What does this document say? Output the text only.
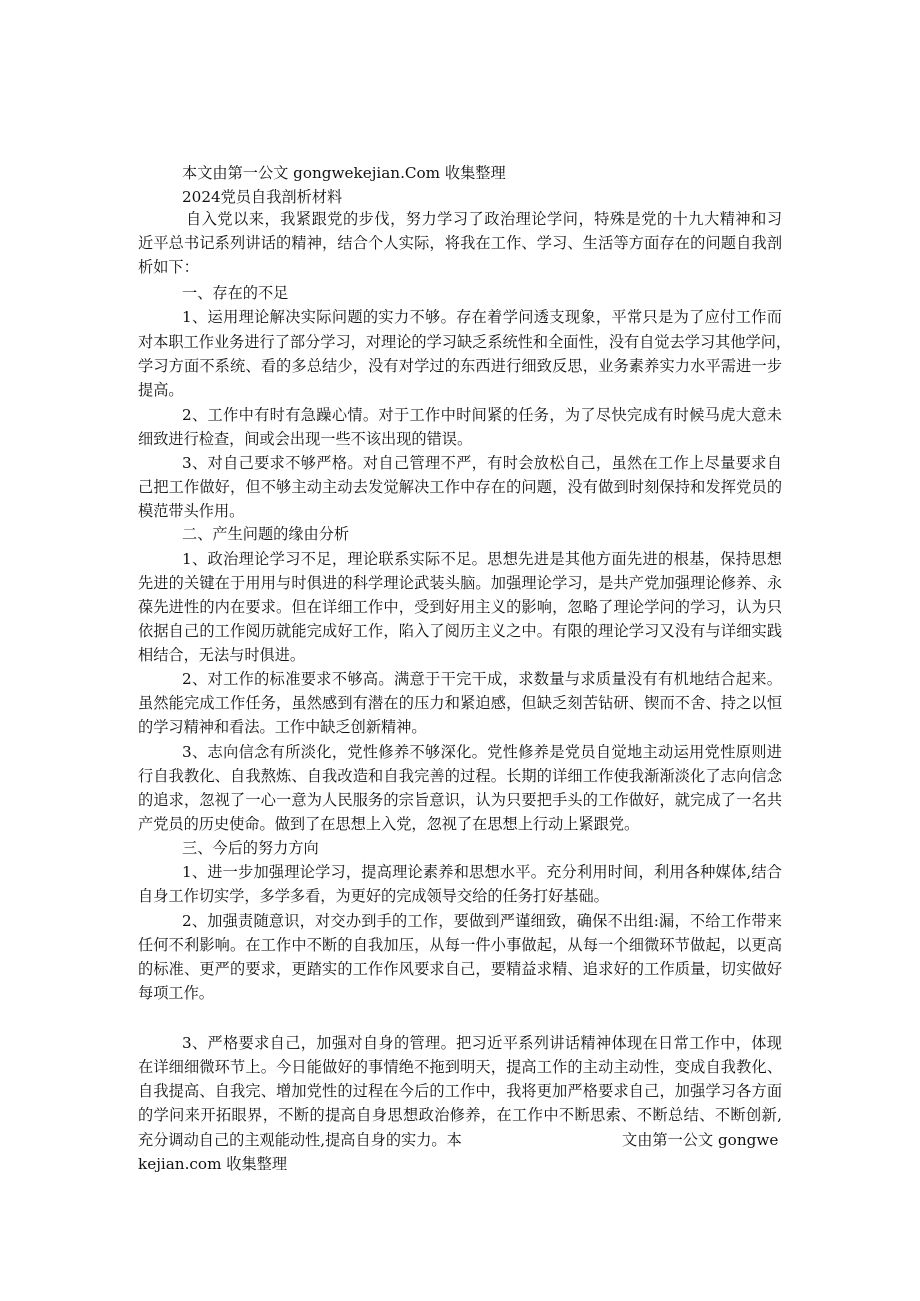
本文由第一公文 gongwekejian.Com 收集整理
2024党员自我剖析材料
自入党以来，我紧跟党的步伐，努力学习了政治理论学问，特殊是党的十九大精神和习
近平总书记系列讲话的精神，结合个人实际，将我在工作、学习、生活等方面存在的问题自我剖
析如下：
一、存在的不足
1、运用理论解决实际问题的实力不够。存在着学问透支现象，平常只是为了应付工作而
对本职工作业务进行了部分学习，对理论的学习缺乏系统性和全面性，没有自觉去学习其他学问，
学习方面不系统、看的多总结少，没有对学过的东西进行细致反思，业务素养实力水平需进一步
提高。
2、工作中有时有急躁心情。对于工作中时间紧的任务，为了尽快完成有时候马虎大意未
细致进行检查，间或会出现一些不该出现的错误。
3、对自己要求不够严格。对自己管理不严，有时会放松自己，虽然在工作上尽量要求自
己把工作做好，但不够主动主动去发觉解决工作中存在的问题，没有做到时刻保持和发挥党员的
模范带头作用。
二、产生问题的缘由分析
1、政治理论学习不足，理论联系实际不足。思想先进是其他方面先进的根基，保持思想
先进的关键在于用用与时俱进的科学理论武装头脑。加强理论学习，是共产党加强理论修养、永
葆先进性的内在要求。但在详细工作中，受到好用主义的影响，忽略了理论学问的学习，认为只
依据自己的工作阅历就能完成好工作，陷入了阅历主义之中。有限的理论学习又没有与详细实践
相结合，无法与时俱进。
2、对工作的标准要求不够高。满意于干完干成，求数量与求质量没有有机地结合起来。
虽然能完成工作任务，虽然感到有潜在的压力和紧迫感，但缺乏刻苦钻研、锲而不舍、持之以恒
的学习精神和看法。工作中缺乏创新精神。
3、志向信念有所淡化，党性修养不够深化。党性修养是党员自觉地主动运用党性原则进
行自我教化、自我熬炼、自我改造和自我完善的过程。长期的详细工作使我渐渐淡化了志向信念
的追求，忽视了一心一意为人民服务的宗旨意识，认为只要把手头的工作做好，就完成了一名共
产党员的历史使命。做到了在思想上入党，忽视了在思想上行动上紧跟党。
三、今后的努力方向
1、进一步加强理论学习，提高理论素养和思想水平。充分利用时间，利用各种媒体,结合
自身工作切实学，多学多看，为更好的完成领导交给的任务打好基础。
2、加强责随意识，对交办到手的工作，要做到严谨细致，确保不出组:漏，不给工作带来
任何不利影响。在工作中不断的自我加压，从每一件小事做起，从每一个细微环节做起，以更高
的标准、更严的要求，更踏实的工作作风要求自己，要精益求精、追求好的工作质量，切实做好
每项工作。
3、严格要求自己，加强对自身的管理。把习近平系列讲话精神体现在日常工作中，体现
在详细细微环节上。今日能做好的事情绝不拖到明天，提高工作的主动主动性，变成自我教化、
自我提高、自我完、增加党性的过程在今后的工作中，我将更加严格要求自己，加强学习各方面
的学问来开拓眼界，不断的提高自身思想政治修养，在工作中不断思索、不断总结、不断创新,
充分调动自己的主观能动性,提高自身的实力。本	文由第一公文 gongwe
kejian.com 收集整理
